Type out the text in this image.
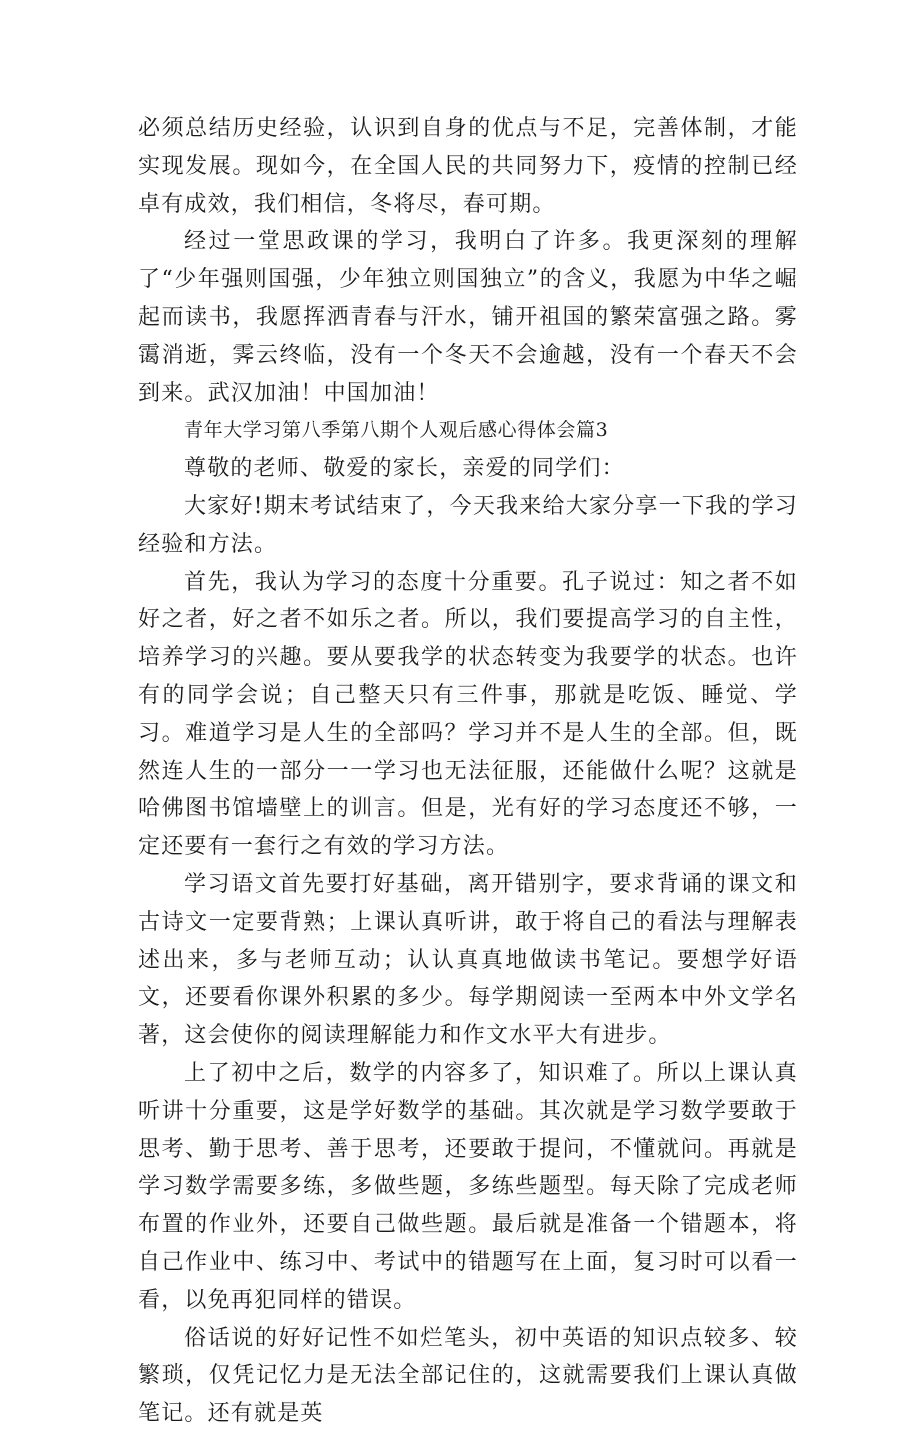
必须总结历史经验，认识到自身的优点与不足，完善体制，才能实现发展。现如今，在全国人民的共同努力下，疫情的控制已经卓有成效，我们相信，冬将尽，春可期。

经过一堂思政课的学习，我明白了许多。我更深刻的理解了“少年强则国强，少年独立则国独立”的含义，我愿为中华之崛起而读书，我愿挥洒青春与汗水，铺开祖国的繁荣富强之路。雾霭消逝，霁云终临，没有一个冬天不会逾越，没有一个春天不会到来。武汉加油！中国加油！

青年大学习第八季第八期个人观后感心得体会篇3

尊敬的老师、敬爱的家长，亲爱的同学们：

大家好!期末考试结束了，今天我来给大家分享一下我的学习经验和方法。

首先，我认为学习的态度十分重要。孔子说过：知之者不如好之者，好之者不如乐之者。所以，我们要提高学习的自主性，培养学习的兴趣。要从要我学的状态转变为我要学的状态。也许有的同学会说；自己整天只有三件事，那就是吃饭、睡觉、学习。难道学习是人生的全部吗？学习并不是人生的全部。但，既然连人生的一部分一一学习也无法征服，还能做什么呢？这就是哈佛图书馆墙壁上的训言。但是，光有好的学习态度还不够，一定还要有一套行之有效的学习方法。

学习语文首先要打好基础，离开错别字，要求背诵的课文和古诗文一定要背熟；上课认真听讲，敢于将自己的看法与理解表述出来，多与老师互动；认认真真地做读书笔记。要想学好语文，还要看你课外积累的多少。每学期阅读一至两本中外文学名著，这会使你的阅读理解能力和作文水平大有进步。

上了初中之后，数学的内容多了，知识难了。所以上课认真听讲十分重要，这是学好数学的基础。其次就是学习数学要敢于思考、勤于思考、善于思考，还要敢于提问，不懂就问。再就是学习数学需要多练，多做些题，多练些题型。每天除了完成老师布置的作业外，还要自己做些题。最后就是准备一个错题本，将自己作业中、练习中、考试中的错题写在上面，复习时可以看一看，以免再犯同样的错误。

俗话说的好好记性不如烂笔头，初中英语的知识点较多、较繁琐，仅凭记忆力是无法全部记住的，这就需要我们上课认真做笔记。还有就是英
